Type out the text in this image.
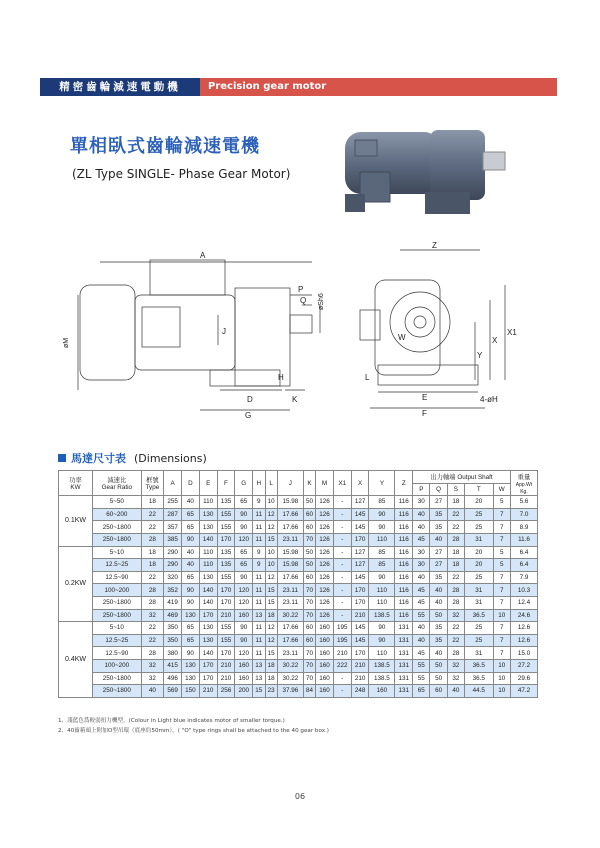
精密齒輪減速電動機	Precision gear motor
單相臥式齒輪減速電機
(ZL Type SINGLE- Phase Gear Motor)
A
P
Q øSh6
øM
J
D	K
G
H
Z
W
X1
X
Y
L
E
F
4-øH
馬達尺寸表 (Dimensions)
功率
KW	減速比
Gear Ratio	框號
Type	A	D	E	F	G	H	L	J	K	M	X1	X	Y	Z	出力軸端 Output Shaft					重量
App.Wt
Kg.
																	P	Q	S	T	W	
0.1KW	5~50	18	255	40	110	135	65	9	10	15.98	50	126	-	127	85	116	30	27	18	20	5	5.6
	60~200	22	287	65	130	155	90	11	12	17.66	60	126	-	145	90	116	40	35	22	25	7	7.0
	250~1800	22	357	65	130	155	90	11	12	17.66	60	126	-	145	90	116	40	35	22	25	7	8.9
	250~1800	28	385	90	140	170	120	11	15	23.11	70	126	-	170	110	116	45	40	28	31	7	11.6
0.2KW	5~10	18	290	40	110	135	65	9	10	15.98	50	126	-	127	85	116	30	27	18	20	5	6.4
	12.5~25	18	290	40	110	135	65	9	10	15.98	50	126	-	127	85	116	30	27	18	20	5	6.4
	12.5~90	22	320	65	130	155	90	11	12	17.66	60	126	-	145	90	116	40	35	22	25	7	7.9
	100~200	28	352	90	140	170	120	11	15	23.11	70	126	-	170	110	116	45	40	28	31	7	10.3
	250~1800	28	419	90	140	170	120	11	15	23.11	70	126	-	170	110	116	45	40	28	31	7	12.4
	250~1800	32	469	130	170	210	160	13	18	30.22	70	126	-	210	138.5	116	55	50	32	36.5	10	24.6
0.4KW	5~10	22	350	65	130	155	90	11	12	17.66	60	160	195	145	90	131	40	35	22	25	7	12.6
	12.5~25	22	350	65	130	155	90	11	12	17.66	60	160	195	145	90	131	40	35	22	25	7	12.6
	12.5~90	28	380	90	140	170	120	11	15	23.11	70	160	210	170	110	131	45	40	28	31	7	15.0
	100~200	32	415	130	170	210	160	13	18	30.22	70	160	222	210	138.5	131	55	50	32	36.5	10	27.2
	250~1800	32	496	130	170	210	160	13	18	30.22	70	160	-	210	138.5	131	55	50	32	36.5	10	29.6
	250~1800	40	569	150	210	256	200	15	23	37.96	84	160	-	248	160	131	65	60	40	44.5	10	47.2
1、淺藍色爲較弱扭力機型。(Colour in Light blue indicates motor of smaller torque.)
2、40齒箱頭上附加O型吊環（底座約50mm）。( "O" type rings shall be attached to the 40 gear box.)
06
